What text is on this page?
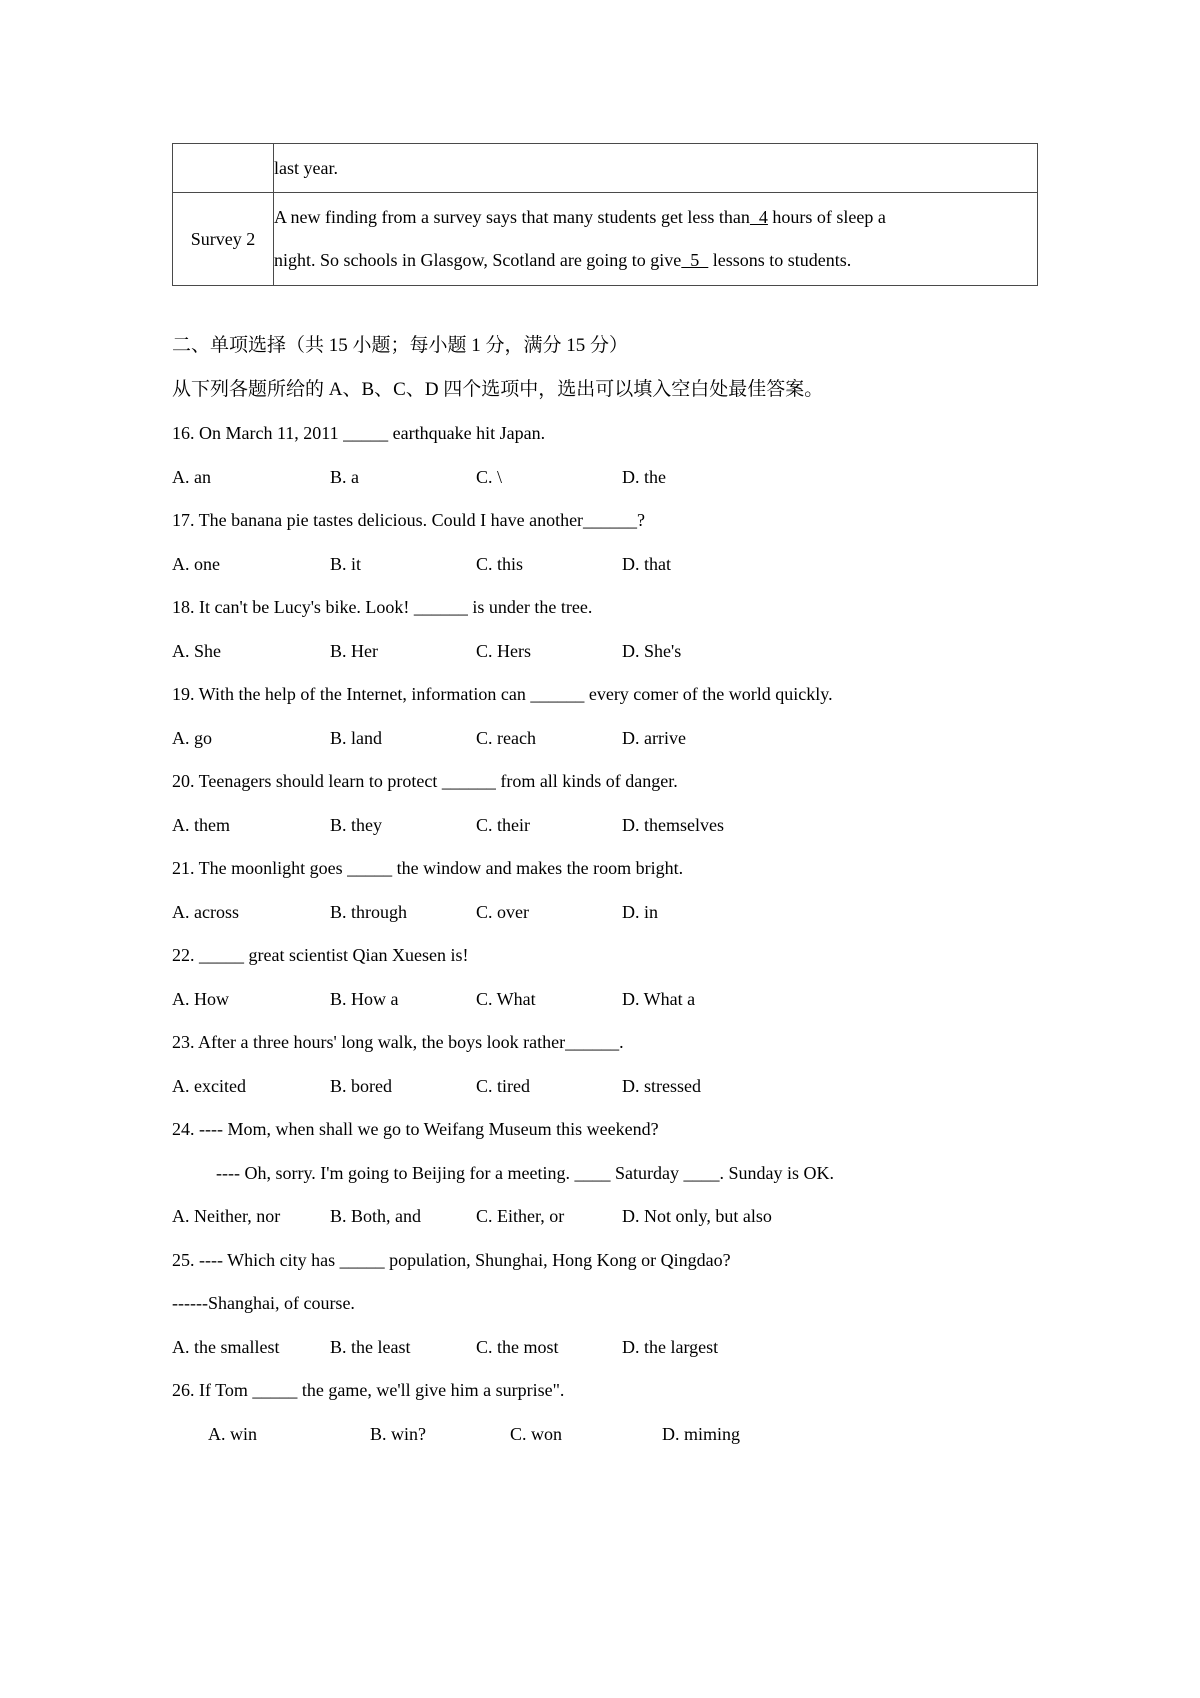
	last year.

Survey 2	A new finding from a survey says that many students get less than  4 hours of sleep a
night. So schools in Glasgow, Scotland are going to give  5   lessons to students.
二、单项选择（共 15 小题；每小题 1 分，满分 15 分）
从下列各题所给的 A、B、C、D 四个选项中，选出可以填入空白处最佳答案。
16. On March 11, 2011 _____ earthquake hit Japan.
A. an	B. a	C. \	D. the
17. The banana pie tastes delicious. Could I have another______?
A. one	B. it	C. this	D. that
18. It can't be Lucy's bike. Look! ______ is under the tree.
A. She	B. Her	C. Hers	D. She's
19. With the help of the Internet, information can ______ every comer of the world quickly.
A. go	B. land	C. reach	D. arrive
20. Teenagers should learn to protect ______ from all kinds of danger.
A. them	B. they	C. their	D. themselves
21. The moonlight goes _____ the window and makes the room bright.
A. across	B. through	C. over	D. in
22. _____ great scientist Qian Xuesen is!
A. How	B. How a	C. What	D. What a
23. After a three hours' long walk, the boys look rather______.
A. excited	B. bored	C. tired	D. stressed
24. ---- Mom, when shall we go to Weifang Museum this weekend?
---- Oh, sorry. I'm going to Beijing for a meeting. ____ Saturday ____. Sunday is OK.
A. Neither, nor	B. Both, and	C. Either, or	D. Not only, but also
25. ---- Which city has _____ population, Shunghai, Hong Kong or Qingdao?
------Shanghai, of course.
A. the smallest	B. the least	C. the most	D. the largest
26. If Tom _____ the game, we'll give him a surprise".
A. win	B. win?	C. won	D. miming
